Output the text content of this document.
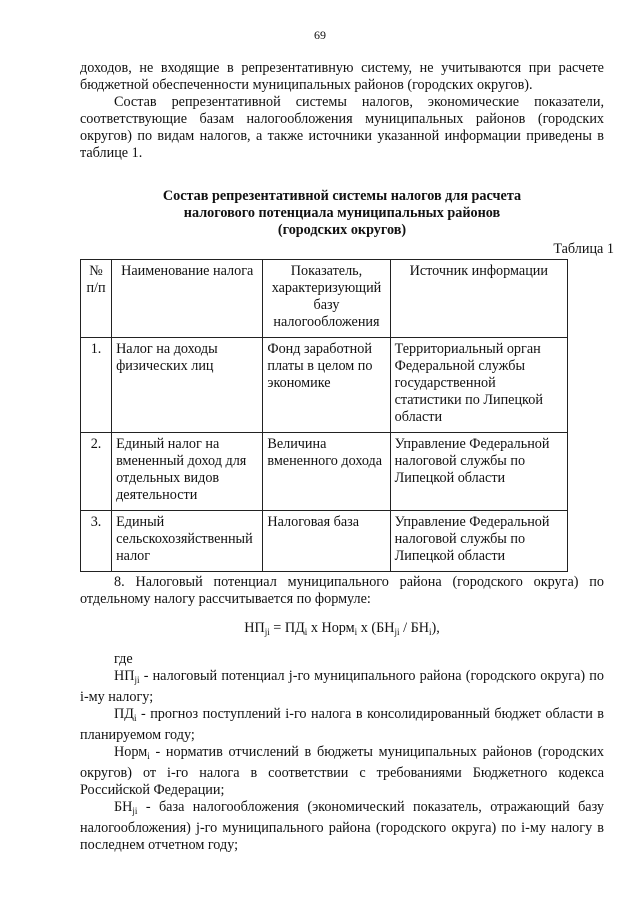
69

доходов, не входящие в репрезентативную систему, не учитываются при расчете бюджетной обеспеченности муниципальных районов (городских округов).

Состав репрезентативной системы налогов, экономические показатели, соответствующие базам налогообложения муниципальных районов (городских округов) по видам налогов, а также источники указанной информации приведены в таблице 1.

Состав репрезентативной системы налогов для расчета
налогового потенциала муниципальных районов
(городских округов)
Таблица 1
№ п/п	Наименование налога	Показатель, характеризующий базу налогообложения	Источник информации
1.	Налог на доходы физических лиц	Фонд заработной платы в целом по экономике	Территориальный орган Федеральной службы государственной статистики по Липецкой области
2.	Единый налог на вмененный доход для отдельных видов деятельности	Величина вмененного дохода	Управление Федеральной налоговой службы по Липецкой области
3.	Единый сельскохозяйственный налог	Налоговая база	Управление Федеральной налоговой службы по Липецкой области

8. Налоговый потенциал муниципального района (городского округа) по отдельному налогу рассчитывается по формуле:

$НП_{ji} = ПД_i$ х Норм$_i$ х $(БН_{ji} / БН_i)$,

где

$НП_{ji}$ - налоговый потенциал j-го муниципального района (городского округа) по i-му налогу;

$ПД_i$ - прогноз поступлений i-го налога в консолидированный бюджет области в планируемом году;

Норм$_i$ - норматив отчислений в бюджеты муниципальных районов (городских округов) от i-го налога в соответствии с требованиями Бюджетного кодекса Российской Федерации;

$БН_{ji}$ - база налогообложения (экономический показатель, отражающий базу налогообложения) j-го муниципального района (городского округа) по i-му налогу в последнем отчетном году;
